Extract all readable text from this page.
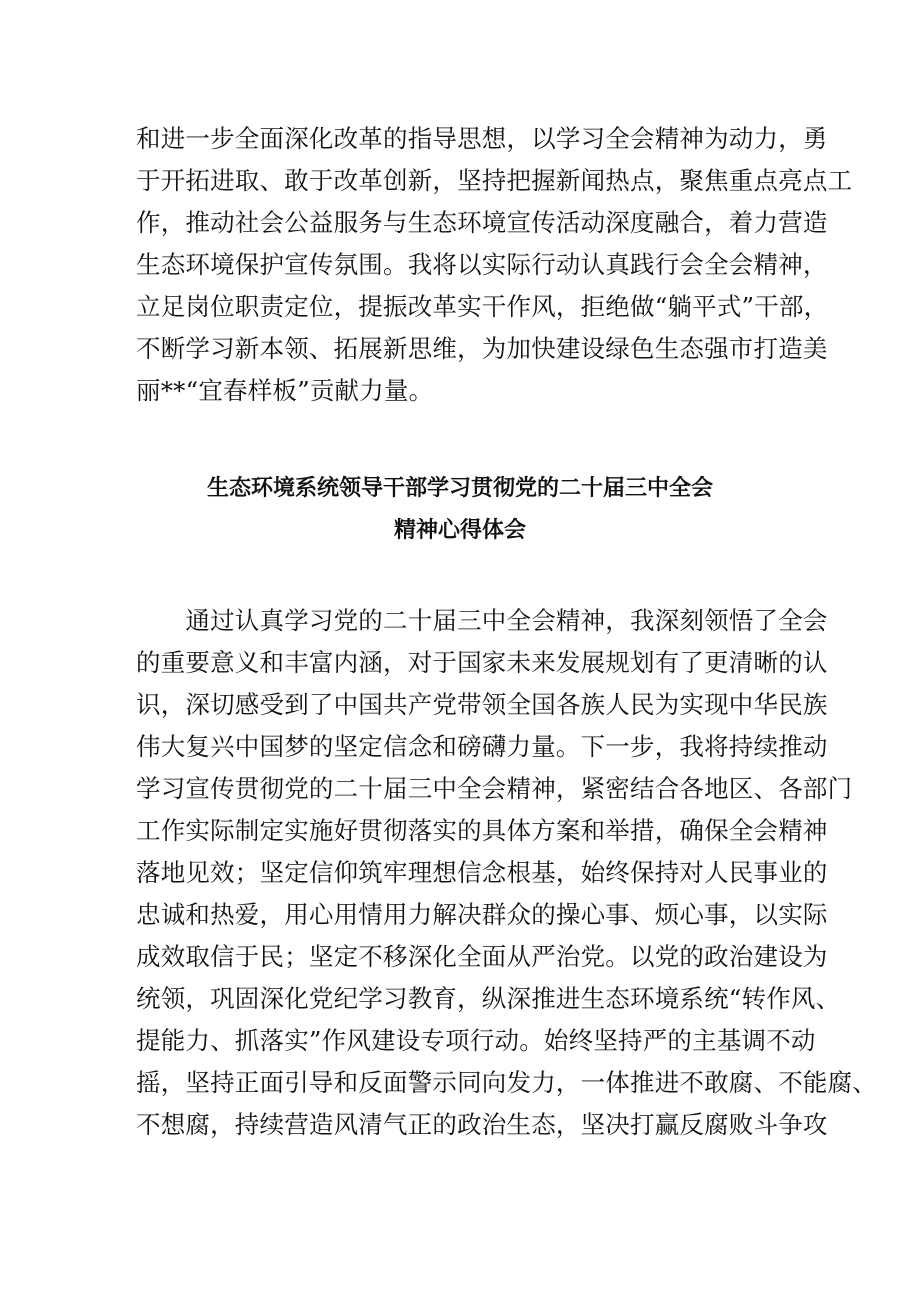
和进一步全面深化改革的指导思想，以学习全会精神为动力，勇
于开拓进取、敢于改革创新，坚持把握新闻热点，聚焦重点亮点工
作，推动社会公益服务与生态环境宣传活动深度融合，着力营造
生态环境保护宣传氛围。我将以实际行动认真践行会全会精神，
立足岗位职责定位，提振改革实干作风，拒绝做“躺平式”干部，
不断学习新本领、拓展新思维，为加快建设绿色生态强市打造美
丽**“宜春样板”贡献力量。
生态环境系统领导干部学习贯彻党的二十届三中全会
精神心得体会
　　通过认真学习党的二十届三中全会精神，我深刻领悟了全会
的重要意义和丰富内涵，对于国家未来发展规划有了更清晰的认
识，深切感受到了中国共产党带领全国各族人民为实现中华民族
伟大复兴中国梦的坚定信念和磅礴力量。下一步，我将持续推动
学习宣传贯彻党的二十届三中全会精神，紧密结合各地区、各部门
工作实际制定实施好贯彻落实的具体方案和举措，确保全会精神
落地见效；坚定信仰筑牢理想信念根基，始终保持对人民事业的
忠诚和热爱，用心用情用力解决群众的操心事、烦心事，以实际
成效取信于民；坚定不移深化全面从严治党。以党的政治建设为
统领，巩固深化党纪学习教育，纵深推进生态环境系统“转作风、
提能力、抓落实”作风建设专项行动。始终坚持严的主基调不动
摇，坚持正面引导和反面警示同向发力，一体推进不敢腐、不能腐、
不想腐，持续营造风清气正的政治生态，坚决打赢反腐败斗争攻
